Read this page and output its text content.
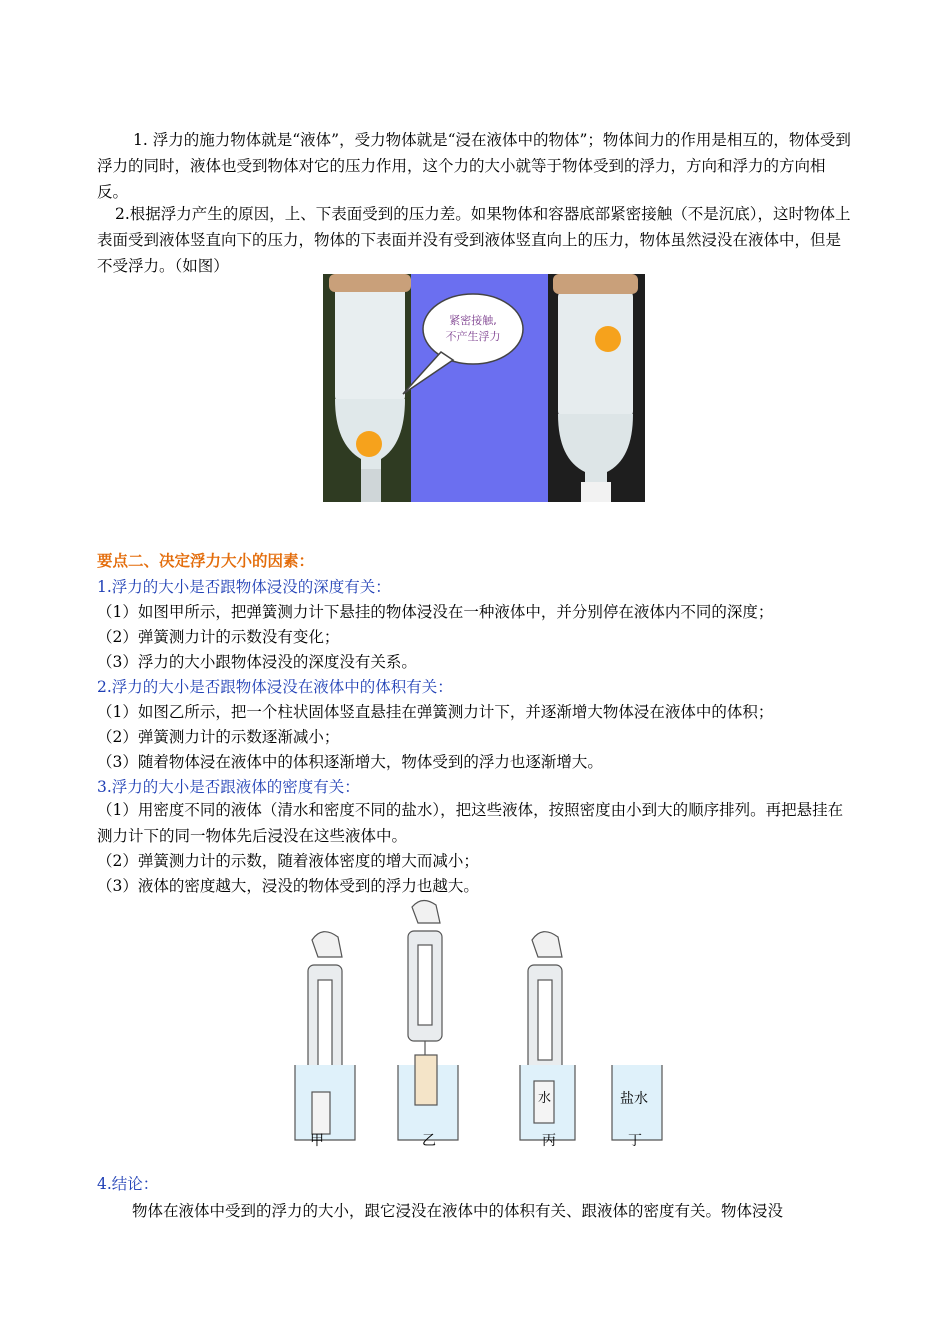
1. 浮力的施力物体就是“液体”，受力物体就是“浸在液体中的物体”；物体间力的作用是相互的，物体受到浮力的同时，液体也受到物体对它的压力作用，这个力的大小就等于物体受到的浮力，方向和浮力的方向相反。

2.根据浮力产生的原因，上、下表面受到的压力差。如果物体和容器底部紧密接触（不是沉底），这时物体上表面受到液体竖直向下的压力，物体的下表面并没有受到液体竖直向上的压力，物体虽然浸没在液体中，但是不受浮力。（如图）

紧密接触,
不产生浮力

要点二、决定浮力大小的因素：

1.浮力的大小是否跟物体浸没的深度有关：

（1）如图甲所示，把弹簧测力计下悬挂的物体浸没在一种液体中，并分别停在液体内不同的深度；

（2）弹簧测力计的示数没有变化；

（3）浮力的大小跟物体浸没的深度没有关系。

2.浮力的大小是否跟物体浸没在液体中的体积有关：

（1）如图乙所示，把一个柱状固体竖直悬挂在弹簧测力计下，并逐渐增大物体浸在液体中的体积；

（2）弹簧测力计的示数逐渐减小；

（3）随着物体浸在液体中的体积逐渐增大，物体受到的浮力也逐渐增大。

3.浮力的大小是否跟液体的密度有关：

（1）用密度不同的液体（清水和密度不同的盐水），把这些液体，按照密度由小到大的顺序排列。再把悬挂在测力计下的同一物体先后浸没在这些液体中。

（2）弹簧测力计的示数，随着液体密度的增大而减小；

（3）液体的密度越大，浸没的物体受到的浮力也越大。

水	盐水
甲	乙	丙	丁

4.结论：

物体在液体中受到的浮力的大小，跟它浸没在液体中的体积有关、跟液体的密度有关。物体浸没
